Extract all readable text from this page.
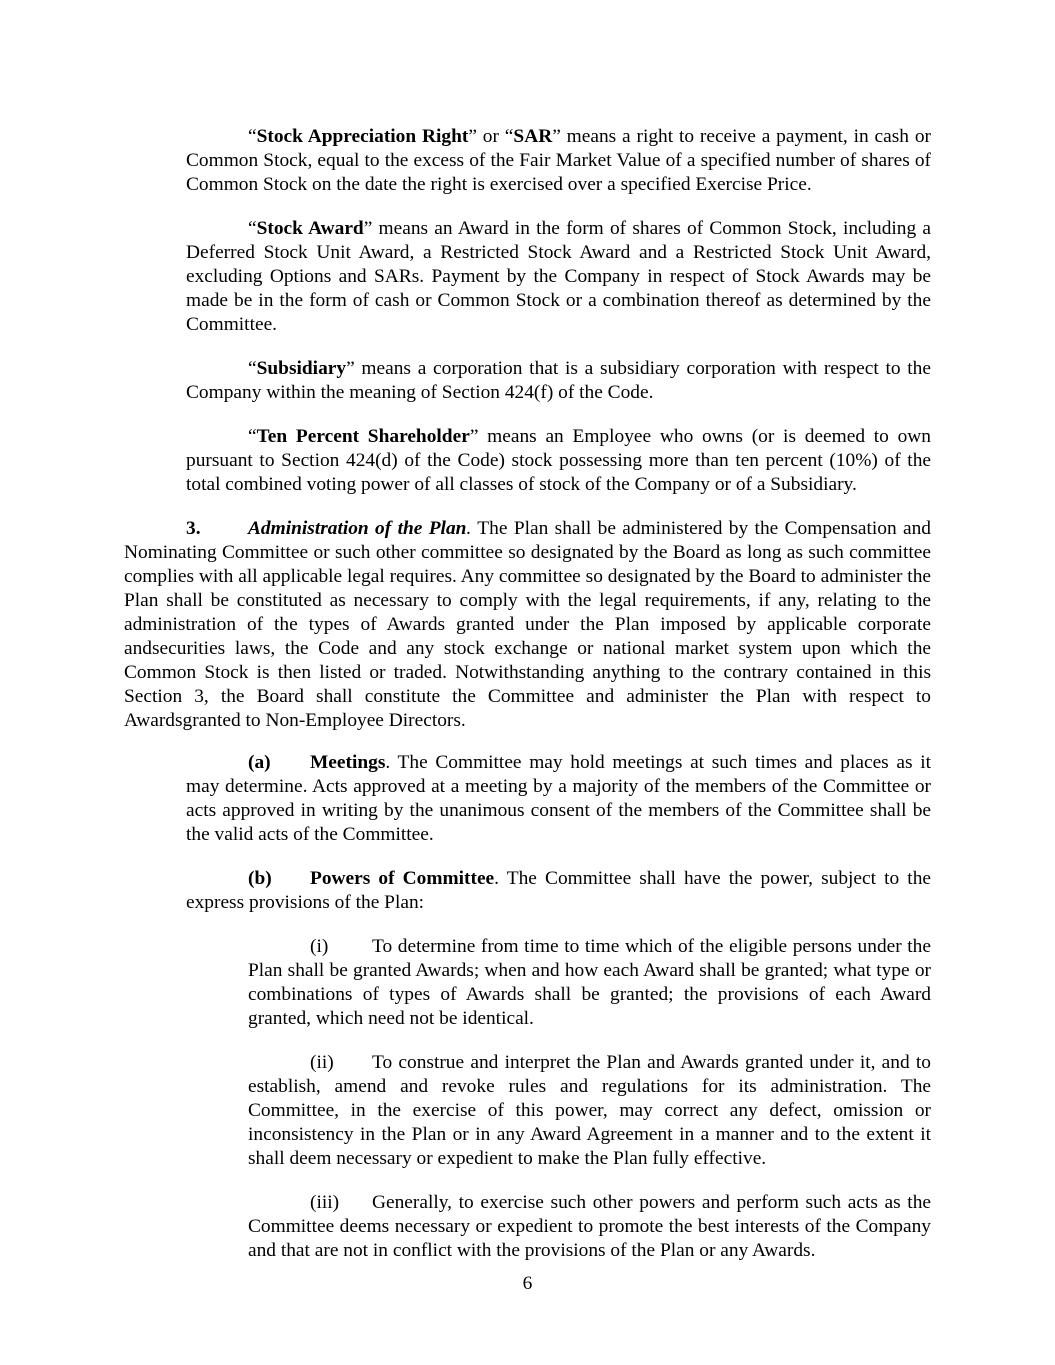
“Stock Appreciation Right” or “SAR” means a right to receive a payment, in cash or Common Stock, equal to the excess of the Fair Market Value of a specified number of shares of Common Stock on the date the right is exercised over a specified Exercise Price.

“Stock Award” means an Award in the form of shares of Common Stock, including a Deferred Stock Unit Award, a Restricted Stock Award and a Restricted Stock Unit Award, excluding Options and SARs. Payment by the Company in respect of Stock Awards may be made be in the form of cash or Common Stock or a combination thereof as determined by the Committee.

“Subsidiary” means a corporation that is a subsidiary corporation with respect to the Company within the meaning of Section 424(f) of the Code.

“Ten Percent Shareholder” means an Employee who owns (or is deemed to own pursuant to Section 424(d) of the Code) stock possessing more than ten percent (10%) of the total combined voting power of all classes of stock of the Company or of a Subsidiary.

3. Administration of the Plan. The Plan shall be administered by the Compensation and Nominating Committee or such other committee so designated by the Board as long as such committee complies with all applicable legal requires. Any committee so designated by the Board to administer the Plan shall be constituted as necessary to comply with the legal requirements, if any, relating to the administration of the types of Awards granted under the Plan imposed by applicable corporate andsecurities laws, the Code and any stock exchange or national market system upon which the Common Stock is then listed or traded. Notwithstanding anything to the contrary contained in this Section 3, the Board shall constitute the Committee and administer the Plan with respect to Awardsgranted to Non-Employee Directors.

(a) Meetings. The Committee may hold meetings at such times and places as it may determine. Acts approved at a meeting by a majority of the members of the Committee or acts approved in writing by the unanimous consent of the members of the Committee shall be the valid acts of the Committee.

(b) Powers of Committee. The Committee shall have the power, subject to the express provisions of the Plan:

(i) To determine from time to time which of the eligible persons under the Plan shall be granted Awards; when and how each Award shall be granted; what type or combinations of types of Awards shall be granted; the provisions of each Award granted, which need not be identical.

(ii) To construe and interpret the Plan and Awards granted under it, and to establish, amend and revoke rules and regulations for its administration. The Committee, in the exercise of this power, may correct any defect, omission or inconsistency in the Plan or in any Award Agreement in a manner and to the extent it shall deem necessary or expedient to make the Plan fully effective.

(iii) Generally, to exercise such other powers and perform such acts as the Committee deems necessary or expedient to promote the best interests of the Company and that are not in conflict with the provisions of the Plan or any Awards.

6
